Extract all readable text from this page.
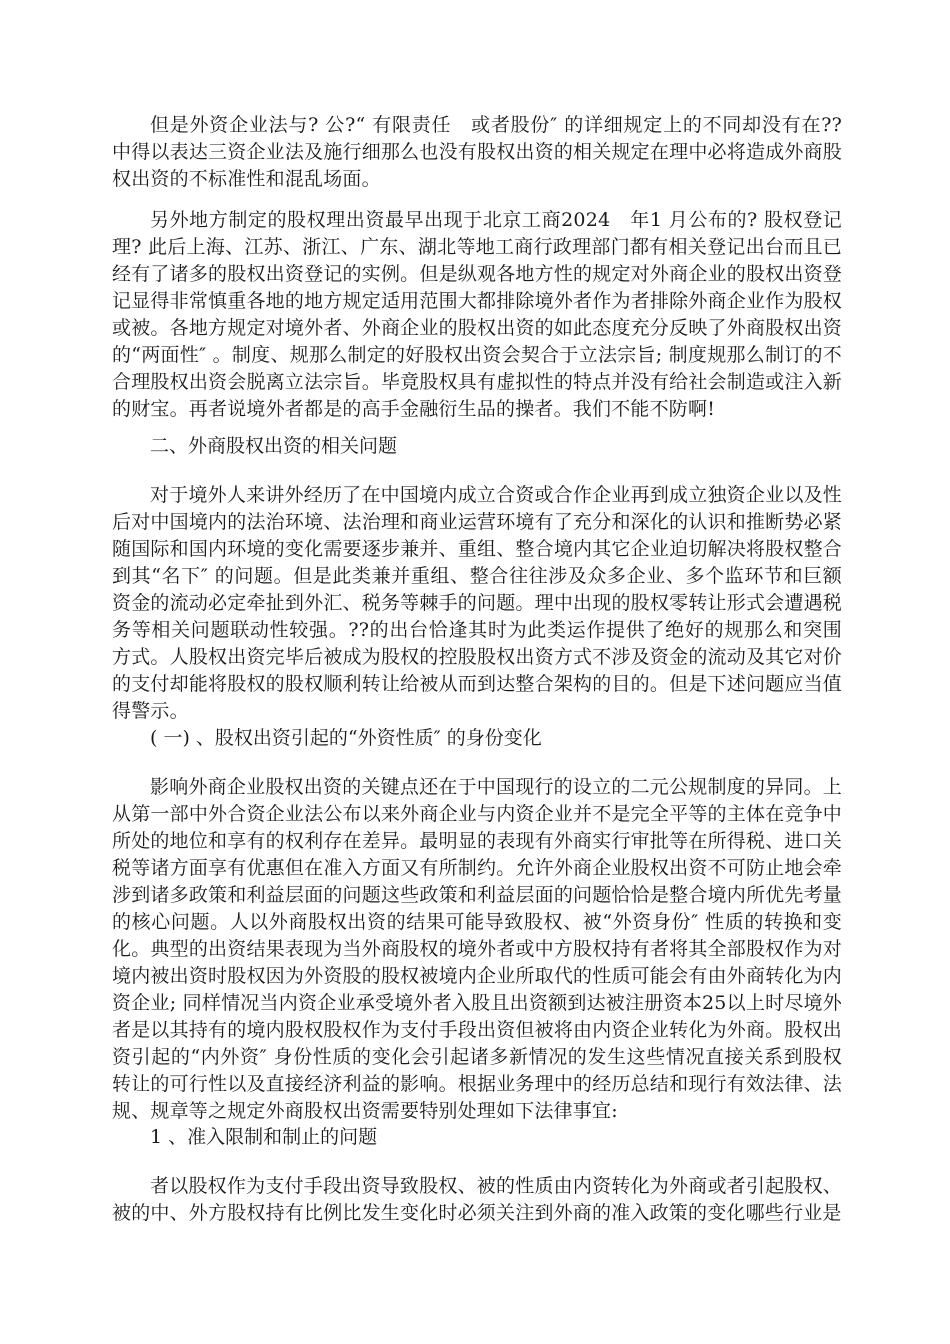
但是外资企业法与? 公?“ 有限责任　或者股份″ 的详细规定上的不同却没有在?? 中得以表达三资企业法及施行细那么也没有股权出资的相关规定在理中必将造成外商股权出资的不标准性和混乱场面。
另外地方制定的股权理出资最早出现于北京工商2024　年1 月公布的? 股权登记理? 此后上海、江苏、浙江、广东、湖北等地工商行政理部门都有相关登记出台而且已经有了诸多的股权出资登记的实例。但是纵观各地方性的规定对外商企业的股权出资登记显得非常慎重各地的地方规定适用范围大都排除境外者作为者排除外商企业作为股权或被。各地方规定对境外者、外商企业的股权出资的如此态度充分反映了外商股权出资的“两面性″ 。制度、规那么制定的好股权出资会契合于立法宗旨; 制度规那么制订的不合理股权出资会脱离立法宗旨。毕竟股权具有虚拟性的特点并没有给社会制造或注入新的财宝。再者说境外者都是的高手金融衍生品的操者。我们不能不防啊!
二、外商股权出资的相关问题
对于境外人来讲外经历了在中国境内成立合资或合作企业再到成立独资企业以及性后对中国境内的法治环境、法治理和商业运营环境有了充分和深化的认识和推断势必紧随国际和国内环境的变化需要逐步兼并、重组、整合境内其它企业迫切解决将股权整合到其“名下″ 的问题。但是此类兼并重组、整合往往涉及众多企业、多个监环节和巨额资金的流动必定牵扯到外汇、税务等棘手的问题。理中出现的股权零转让形式会遭遇税务等相关问题联动性较强。??的出台恰逢其时为此类运作提供了绝好的规那么和突围方式。人股权出资完毕后被成为股权的控股股权出资方式不涉及资金的流动及其它对价的支付却能将股权的股权顺利转让给被从而到达整合架构的目的。但是下述问题应当值得警示。
( 一) 、股权出资引起的“外资性质″ 的身份变化
影响外商企业股权出资的关键点还在于中国现行的设立的二元公规制度的异同。上从第一部中外合资企业法公布以来外商企业与内资企业并不是完全平等的主体在竞争中所处的地位和享有的权利存在差异。最明显的表现有外商实行审批等在所得税、进口关税等诸方面享有优惠但在准入方面又有所制约。允许外商企业股权出资不可防止地会牵涉到诸多政策和利益层面的问题这些政策和利益层面的问题恰恰是整合境内所优先考量的核心问题。人以外商股权出资的结果可能导致股权、被“外资身份″ 性质的转换和变化。典型的出资结果表现为当外商股权的境外者或中方股权持有者将其全部股权作为对境内被出资时股权因为外资股的股权被境内企业所取代的性质可能会有由外商转化为内资企业; 同样情况当内资企业承受境外者入股且出资额到达被注册资本25以上时尽境外者是以其持有的境内股权股权作为支付手段出资但被将由内资企业转化为外商。股权出资引起的“内外资″ 身份性质的变化会引起诸多新情况的发生这些情况直接关系到股权转让的可行性以及直接经济利益的影响。根据业务理中的经历总结和现行有效法律、法规、规章等之规定外商股权出资需要特别处理如下法律事宜:
1 、准入限制和制止的问题
者以股权作为支付手段出资导致股权、被的性质由内资转化为外商或者引起股权、被的中、外方股权持有比例比发生变化时必须关注到外商的准入政策的变化哪些行业是
